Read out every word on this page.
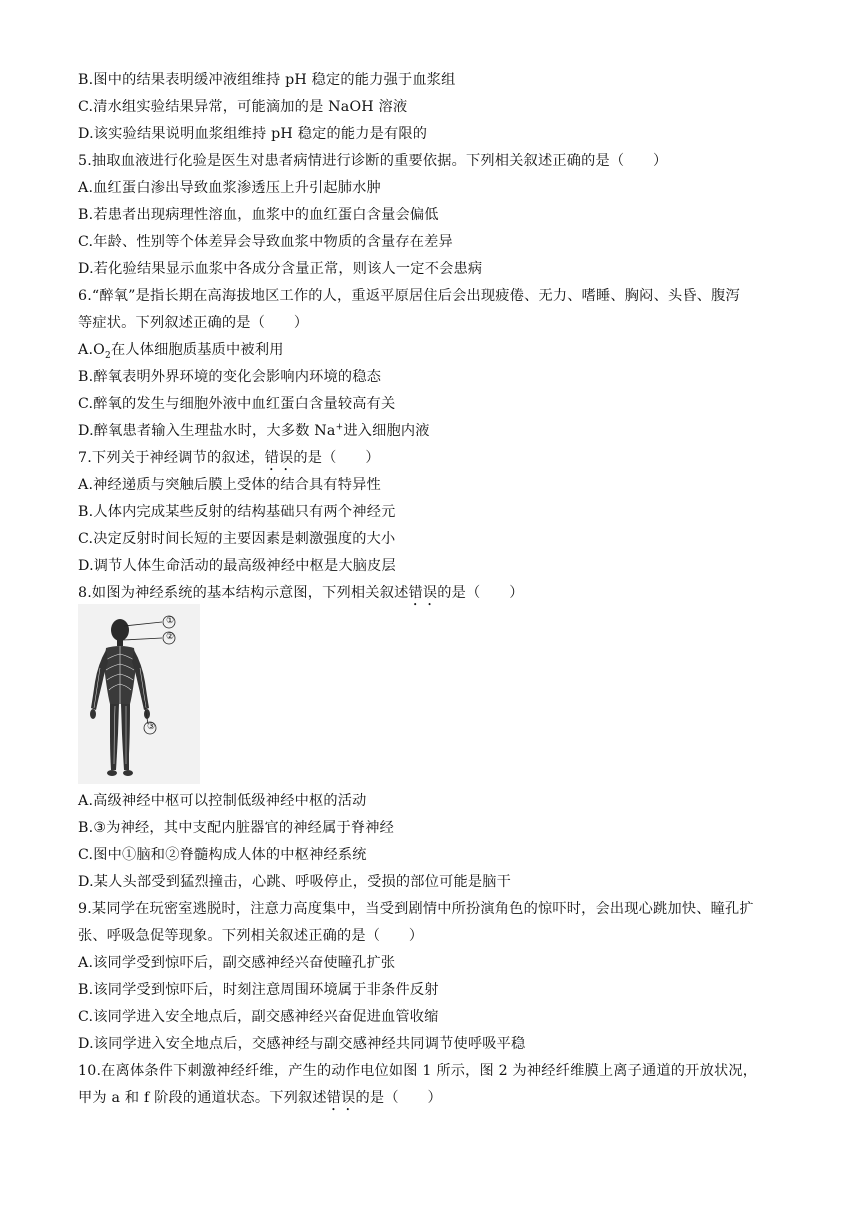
B.图中的结果表明缓冲液组维持 pH 稳定的能力强于血浆组
C.清水组实验结果异常，可能滴加的是 NaOH 溶液
D.该实验结果说明血浆组维持 pH 稳定的能力是有限的
5.抽取血液进行化验是医生对患者病情进行诊断的重要依据。下列相关叙述正确的是（　　）
A.血红蛋白渗出导致血浆渗透压上升引起肺水肿
B.若患者出现病理性溶血，血浆中的血红蛋白含量会偏低
C.年龄、性别等个体差异会导致血浆中物质的含量存在差异
D.若化验结果显示血浆中各成分含量正常，则该人一定不会患病
6.“醉氧”是指长期在高海拔地区工作的人，重返平原居住后会出现疲倦、无力、嗜睡、胸闷、头昏、腹泻
等症状。下列叙述正确的是（　　）
$A.O_2$在人体细胞质基质中被利用
B.醉氧表明外界环境的变化会影响内环境的稳态
C.醉氧的发生与细胞外液中血红蛋白含量较高有关
D.醉氧患者输入生理盐水时，大多数 Na+进入细胞内液
7.下列关于神经调节的叙述，错误的是（　　）
A.神经递质与突触后膜上受体的结合具有特异性
B.人体内完成某些反射的结构基础只有两个神经元
C.决定反射时间长短的主要因素是刺激强度的大小
D.调节人体生命活动的最高级神经中枢是大脑皮层
8.如图为神经系统的基本结构示意图，下列相关叙述错误的是（　　）
①
②
③
A.高级神经中枢可以控制低级神经中枢的活动
B.③为神经，其中支配内脏器官的神经属于脊神经
C.图中①脑和②脊髓构成人体的中枢神经系统
D.某人头部受到猛烈撞击，心跳、呼吸停止，受损的部位可能是脑干
9.某同学在玩密室逃脱时，注意力高度集中，当受到剧情中所扮演角色的惊吓时，会出现心跳加快、瞳孔扩
张、呼吸急促等现象。下列相关叙述正确的是（　　）
A.该同学受到惊吓后，副交感神经兴奋使瞳孔扩张
B.该同学受到惊吓后，时刻注意周围环境属于非条件反射
C.该同学进入安全地点后，副交感神经兴奋促进血管收缩
D.该同学进入安全地点后，交感神经与副交感神经共同调节使呼吸平稳
10.在离体条件下刺激神经纤维，产生的动作电位如图 1 所示，图 2 为神经纤维膜上离子通道的开放状况，
甲为 a 和 f 阶段的通道状态。下列叙述错误的是（　　）
